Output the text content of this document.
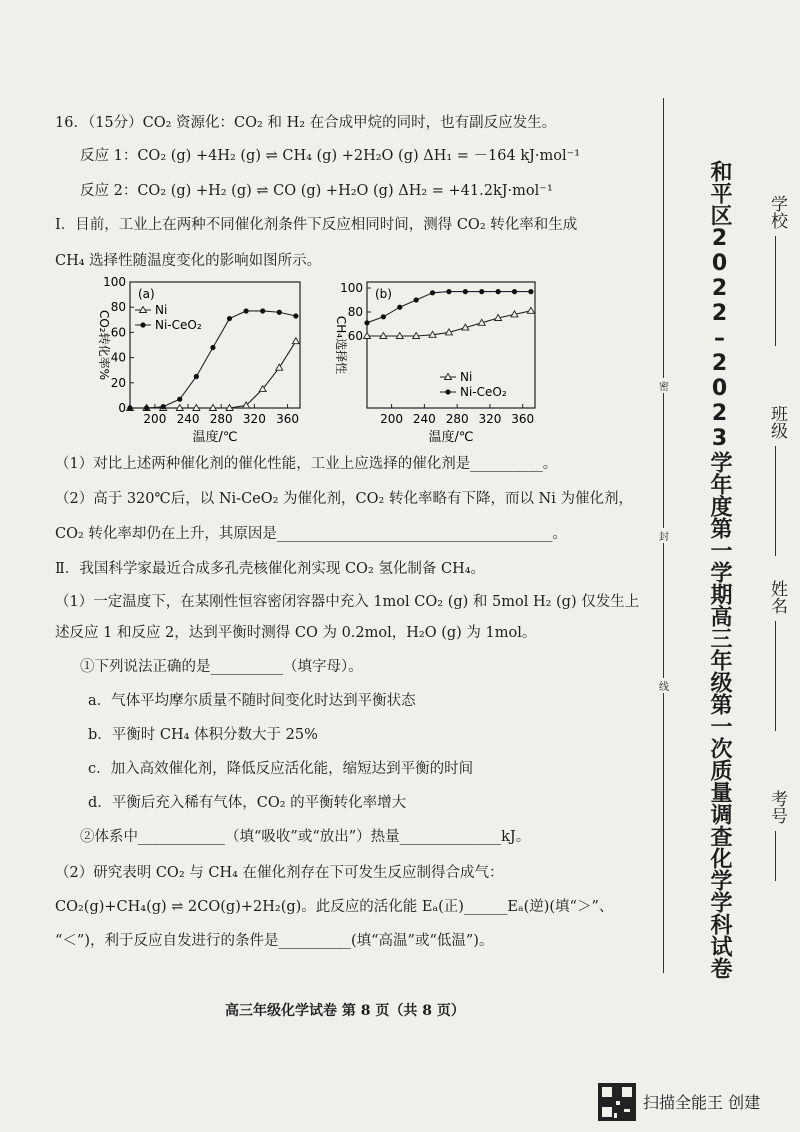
16．（15分）CO₂ 资源化：CO₂ 和 H₂ 在合成甲烷的同时，也有副反应发生。
反应 1：CO₂ (g) +4H₂ (g) ⇌ CH₄ (g) +2H₂O (g) ΔH₁ = －164 kJ·mol⁻¹
反应 2：CO₂ (g) +H₂ (g) ⇌ CO (g) +H₂O (g) ΔH₂ = +41.2kJ·mol⁻¹
Ⅰ．目前，工业上在两种不同催化剂条件下反应相同时间，测得 CO₂ 转化率和生成
CH₄ 选择性随温度变化的影响如图所示。
200 240 280 320 360
0
20
40
60
80
100
温度/℃
CO₂转化率%
(a)
Ni
Ni-CeO₂
200 240 280 320 360
60
80
100
温度/℃
CH₄选择性
(b)
Ni
Ni-CeO₂
（1）对比上述两种催化剂的催化性能，工业上应选择的催化剂是__________。
（2）高于 320℃后，以 Ni-CeO₂ 为催化剂，CO₂ 转化率略有下降，而以 Ni 为催化剂，
CO₂ 转化率却仍在上升，其原因是______________________________________。
Ⅱ．我国科学家最近合成多孔壳核催化剂实现 CO₂ 氢化制备 CH₄。
（1）一定温度下，在某刚性恒容密闭容器中充入 1mol CO₂ (g) 和 5mol H₂ (g) 仅发生上
述反应 1 和反应 2，达到平衡时测得 CO 为 0.2mol，H₂O (g) 为 1mol。
①下列说法正确的是__________（填字母）。
a．气体平均摩尔质量不随时间变化时达到平衡状态
b．平衡时 CH₄ 体积分数大于 25%
c．加入高效催化剂，降低反应活化能，缩短达到平衡的时间
d．平衡后充入稀有气体，CO₂ 的平衡转化率增大
②体系中____________（填“吸收”或“放出”）热量______________kJ。
（2）研究表明 CO₂ 与 CH₄ 在催化剂存在下可发生反应制得合成气：
CO₂(g)+CH₄(g) ⇌ 2CO(g)+2H₂(g)。此反应的活化能 Eₐ(正)______Eₐ(逆)(填“＞”、
“＜”)，利于反应自发进行的条件是__________(填“高温”或“低温”)。
高三年级化学试卷 第 8 页（共 8 页）
密
封
线 和平区2022–2023学年度第一学期高三年级第一次质量调查化学学科试卷 学校
班级
姓名
考号
扫描全能王 创建
